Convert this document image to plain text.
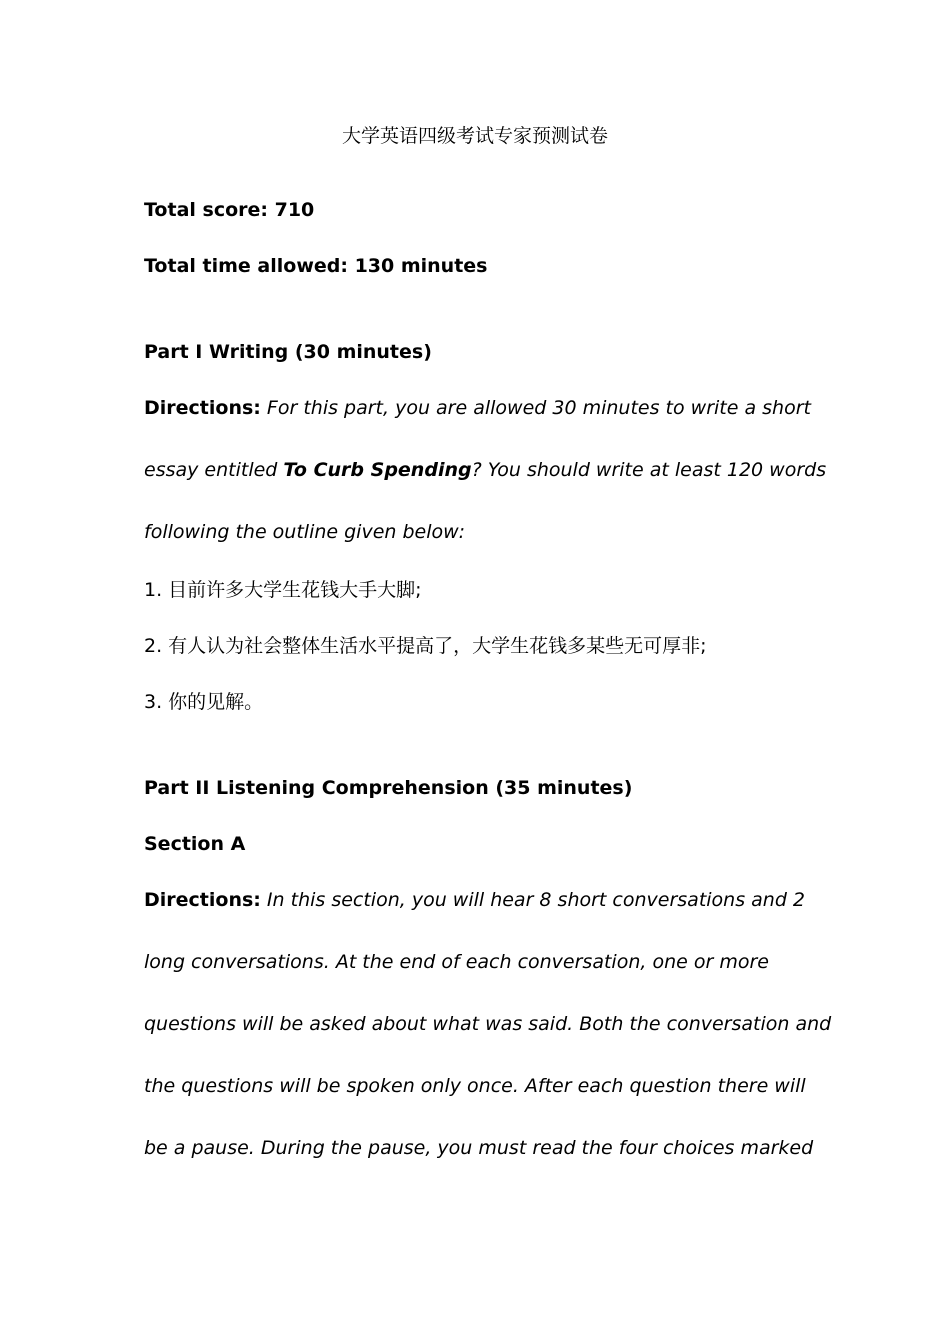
大学英语四级考试专家预测试卷
Total score: 710
Total time allowed: 130 minutes
Part I Writing (30 minutes)
Directions: For this part, you are allowed 30 minutes to write a short
essay entitled To Curb Spending? You should write at least 120 words
following the outline given below:
1. 目前许多大学生花钱大手大脚;
2. 有人认为社会整体生活水平提高了，大学生花钱多某些无可厚非;
3. 你的见解。
Part II Listening Comprehension (35 minutes)
Section A
Directions: In this section, you will hear 8 short conversations and 2
long conversations. At the end of each conversation, one or more
questions will be asked about what was said. Both the conversation and
the questions will be spoken only once. After each question there will
be a pause. During the pause, you must read the four choices marked
